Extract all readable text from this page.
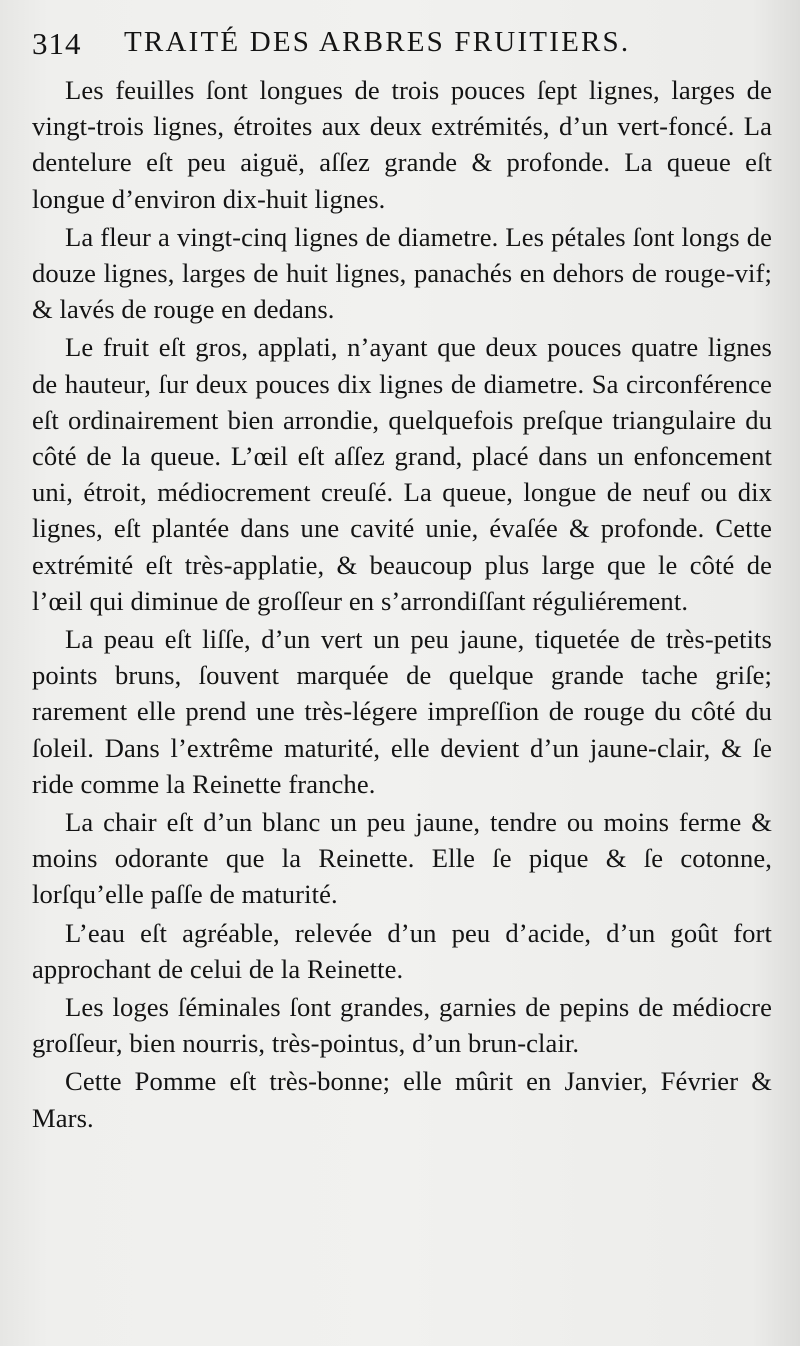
314 TRAITÉ DES ARBRES FRUITIERS.

Les feuilles ſont longues de trois pouces ſept lignes, larges de vingt-trois lignes, étroites aux deux extrémités, d’un vert-foncé. La dentelure eſt peu aiguë, aſſez grande & profonde. La queue eſt longue d’environ dix-huit lignes.

La fleur a vingt-cinq lignes de diametre. Les pétales ſont longs de douze lignes, larges de huit lignes, panachés en dehors de rouge-vif; & lavés de rouge en dedans.

Le fruit eſt gros, applati, n’ayant que deux pouces quatre lignes de hauteur, ſur deux pouces dix lignes de diametre. Sa circonférence eſt ordinairement bien arrondie, quelquefois preſque triangulaire du côté de la queue. L’œil eſt aſſez grand, placé dans un enfoncement uni, étroit, médiocrement creuſé. La queue, longue de neuf ou dix lignes, eſt plantée dans une cavité unie, évaſée & profonde. Cette extrémité eſt très-applatie, & beaucoup plus large que le côté de l’œil qui diminue de groſſeur en s’arrondiſſant réguliérement.

La peau eſt liſſe, d’un vert un peu jaune, tiquetée de très-petits points bruns, ſouvent marquée de quelque grande tache griſe; rarement elle prend une très-légere impreſſion de rouge du côté du ſoleil. Dans l’extrême maturité, elle devient d’un jaune-clair, & ſe ride comme la Reinette franche.

La chair eſt d’un blanc un peu jaune, tendre ou moins ferme & moins odorante que la Reinette. Elle ſe pique & ſe cotonne, lorſqu’elle paſſe de maturité.

L’eau eſt agréable, relevée d’un peu d’acide, d’un goût fort approchant de celui de la Reinette.

Les loges ſéminales ſont grandes, garnies de pepins de médiocre groſſeur, bien nourris, très-pointus, d’un brun-clair.

Cette Pomme eſt très-bonne; elle mûrit en Janvier, Février & Mars.
